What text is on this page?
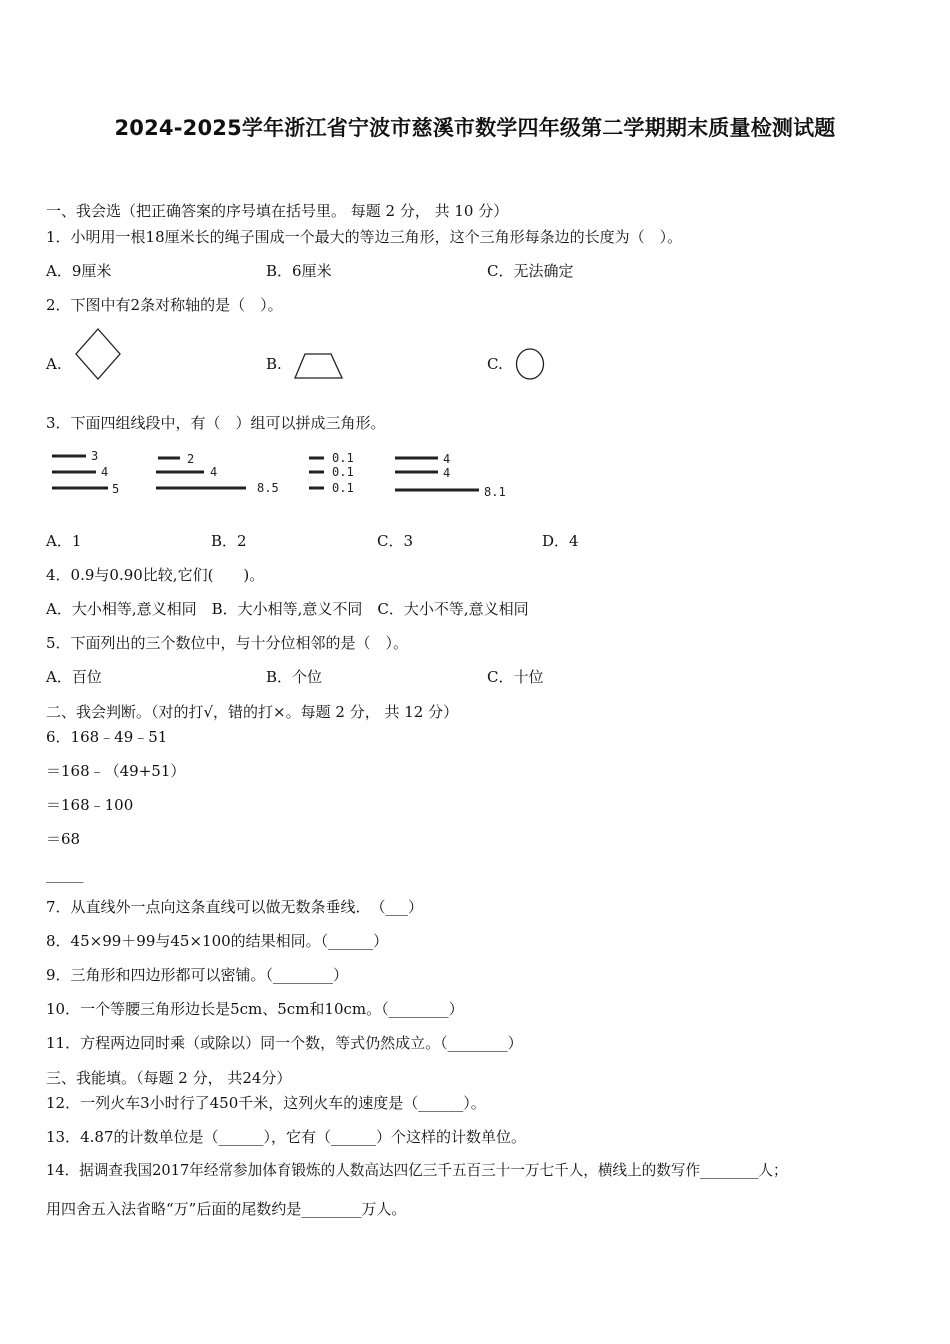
2024-2025学年浙江省宁波市慈溪市数学四年级第二学期期末质量检测试题
一、我会选（把正确答案的序号填在括号里。 每题 2 分， 共 10 分）
1．小明用一根18厘米长的绳子围成一个最大的等边三角形，这个三角形每条边的长度为（　）。
A．9厘米	B．6厘米	C．无法确定
2．下图中有2条对称轴的是（　）。
A.	B.	C.
3．下面四组线段中，有（　）组可以拼成三角形。
3
4
5
2
4
8.5
0.1
0.1
0.1
4
4
8.1
A．1	B．2	C．3	D．4
4．0.9与0.90比较,它们(　　)。
A．大小相等,意义相同　B．大小相等,意义不同　C．大小不等,意义相同
5．下面列出的三个数位中，与十分位相邻的是（　）。
A．百位	B．个位	C．十位
二、我会判断。（对的打√，错的打×。每题 2 分， 共 12 分）
6．168﹣49﹣51
＝168﹣（49+51）
＝168﹣100
＝68
_____
7．从直线外一点向这条直线可以做无数条垂线．　（___）
8．45×99＋99与45×100的结果相同。（______）
9．三角形和四边形都可以密铺。（________）
10．一个等腰三角形边长是5cm、5cm和10cm。（________）
11．方程两边同时乘（或除以）同一个数，等式仍然成立。（________）
三、我能填。（每题 2 分， 共24分）
12．一列火车3小时行了450千米，这列火车的速度是（______）。
13．4.87的计数单位是（______），它有（______）个这样的计数单位。
14．据调查我国2017年经常参加体育锻炼的人数高达四亿三千五百三十一万七千人，横线上的数写作________人；
用四舍五入法省略“万”后面的尾数约是________万人。
